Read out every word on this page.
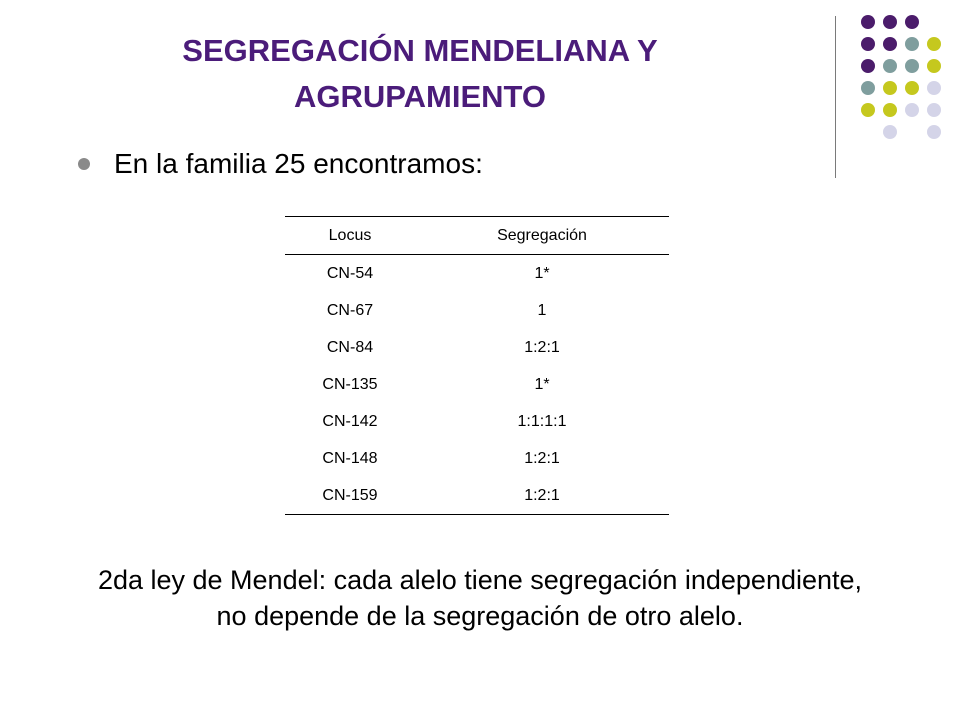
SEGREGACIÓN MENDELIANA Y AGRUPAMIENTO
En la familia 25 encontramos:
Locus	Segregación
CN-54	1*
CN-67	1
CN-84	1:2:1
CN-135	1*
CN-142	1:1:1:1
CN-148	1:2:1
CN-159	1:2:1
2da ley de Mendel: cada alelo tiene segregación independiente, no depende de la segregación de otro alelo.
